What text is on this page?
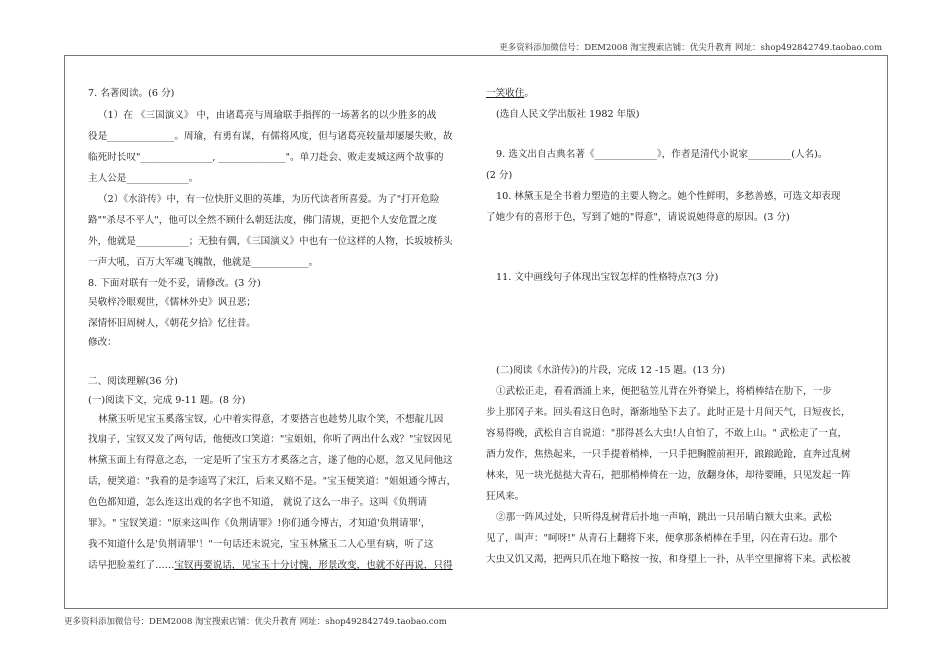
更多资料添加微信号：DEM2008 淘宝搜索店铺：优尖升教育 网址：shop492842749.taobao.com
7. 名著阅读。(6 分)
（1）在 《三国演义》 中，由诸葛亮与周瑜联手指挥的一场著名的以少胜多的战
役是______________。周瑜，有勇有谋，有儒将风度，但与诸葛亮较量却屡屡失败，故
临死时长叹"_______________, ______________"。单刀赴会、败走麦城这两个故事的
主人公是_____________。
（2）《水浒传》中，有一位快肝义胆的英雄，为历代读者所喜爱。为了"打开危险
路""杀尽不平人"，他可以全然不顾什么朝廷法度，佛门清规，更把个人安危置之度
外，他就是___________；无独有偶，《三国演义》中也有一位这样的人物，长坂坡桥头
一声大吼，百万大军魂飞魄散，他就是____________。
8. 下面对联有一处不妥，请修改。(3 分)
吴敬梓冷眼观世，《儒林外史》讽丑恶；
深情怀旧周树人，《朝花夕拾》忆往昔。
修改：
二、阅读理解(36 分)
(一)阅读下文，完成 9-11 题。(8 分)
林黛玉听见宝玉奚落宝钗，心中着实得意，才要搭言也趁势儿取个笑，不想靛儿因
找扇子，宝钗又发了两句话，他便改口笑道："宝姐姐，你听了两出什么戏？"宝钗因见
林黛玉面上有得意之态，一定是听了宝玉方才奚落之言，遂了他的心愿，忽又见问他这
话，便笑道："我看的是李逵骂了宋江，后来又赔不是。"宝玉便笑道："姐姐通今博古，
色色都知道，怎么连这出戏的名字也不知道， 就说了这么一串子。这叫《负荆请
罪》。" 宝钗笑道："原来这叫作《负荆请罪》!你们通今博古，才知道'负荆请罪'，
我不知道什么是'负荆请罪'！"一句话还未说完，宝玉林黛玉二人心里有病，听了这
话早把脸羞红了……宝钗再要说话，见宝玉十分讨愧，形景改变，也就不好再说，只得
一笑收住。
(选自人民文学出版社 1982 年版)
9. 选文出自古典名著《_____________》，作者是清代小说家_________(人名)。
(2 分)
10. 林黛玉是全书着力塑造的主要人物之。她个性鲜明，多愁善感，可选文却表现
了她少有的喜形于色，写到了她的"得意"，请说说她得意的原因。(3 分)
11. 文中画线句子体现出宝钗怎样的性格特点?(3 分)
(二)阅读《水浒传》)的片段，完成 12 -15 题。(13 分)
①武松正走，看看酒涌上来，便把毡笠儿背在外脊梁上，将梢棒结在肋下，一步
步上那冈子来。回头看这日色时，渐渐地坠下去了。此时正是十月间天气，日短夜长，
容易得晚，武松自言自说道："那得甚么大虫!人自怕了，不敢上山。" 武松走了一直，
酒力发作，焦热起来，一只手提着梢棒，一只手把胸膛前袒开，踉踉跄跄，直奔过乱树
林来，见一块光挞挞大青石，把那梢棒倚在一边，放翻身体，却待要睡，只见发起一阵
狂风来。
②那一阵风过处，只听得乱树背后扑地一声响，跳出一只吊睛白额大虫来。武松
见了，叫声："呵呀!" 从青石上翻将下来，便拿那条梢棒在手里，闪在青石边。那个
大虫又饥又渴，把两只爪在地下略按一按，和身望上一扑，从半空里撺将下来。武松被
更多资料添加微信号：DEM2008 淘宝搜索店铺：优尖升教育 网址：shop492842749.taobao.com
